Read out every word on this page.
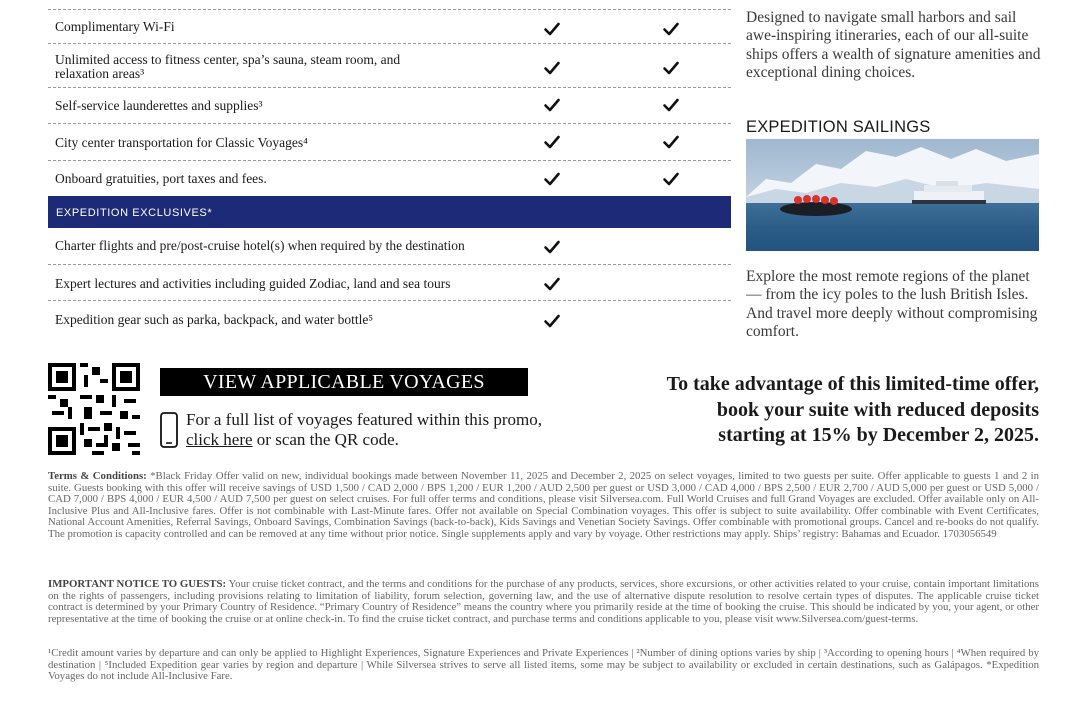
Complimentary Wi-Fi
Unlimited access to fitness center, spa’s sauna, steam room, and relaxation areas³
Self-service launderettes and supplies³
City center transportation for Classic Voyages⁴
Onboard gratuities, port taxes and fees.
EXPEDITION EXCLUSIVES*
Charter flights and pre/post-cruise hotel(s) when required by the destination
Expert lectures and activities including guided Zodiac, land and sea tours
Expedition gear such as parka, backpack, and water bottle⁵
Designed to navigate small harbors and sail awe-inspiring itineraries, each of our all-suite ships offers a wealth of signature amenities and exceptional dining choices.
EXPEDITION SAILINGS
Explore the most remote regions of the planet — from the icy poles to the lush British Isles. And travel more deeply without compromising comfort.
VIEW APPLICABLE VOYAGES
For a full list of voyages featured within this promo, click here or scan the QR code.
To take advantage of this limited-time offer,
book your suite with reduced deposits
starting at 15% by December 2, 2025.
Terms & Conditions: *Black Friday Offer valid on new, individual bookings made between November 11, 2025 and December 2, 2025 on select voyages, limited to two guests per suite. Offer applicable to guests 1 and 2 in suite. Guests booking with this offer will receive savings of USD 1,500 / CAD 2,000 / BPS 1,200 / EUR 1,200 / AUD 2,500 per guest or USD 3,000 / CAD 4,000 / BPS 2,500 / EUR 2,700 / AUD 5,000 per guest or USD 5,000 / CAD 7,000 / BPS 4,000 / EUR 4,500 / AUD 7,500 per guest on select cruises. For full offer terms and conditions, please visit Silversea.com. Full World Cruises and full Grand Voyages are excluded. Offer available only on All-Inclusive Plus and All-Inclusive fares. Offer is not combinable with Last-Minute fares. Offer not available on Special Combination voyages. This offer is subject to suite availability. Offer combinable with Event Certificates, National Account Amenities, Referral Savings, Onboard Savings, Combination Savings (back-to-back), Kids Savings and Venetian Society Savings. Offer combinable with promotional groups. Cancel and re-books do not qualify. The promotion is capacity controlled and can be removed at any time without prior notice. Single supplements apply and vary by voyage. Other restrictions may apply. Ships’ registry: Bahamas and Ecuador. 1703056549
IMPORTANT NOTICE TO GUESTS: Your cruise ticket contract, and the terms and conditions for the purchase of any products, services, shore excursions, or other activities related to your cruise, contain important limitations on the rights of passengers, including provisions relating to limitation of liability, forum selection, governing law, and the use of alternative dispute resolution to resolve certain types of disputes. The applicable cruise ticket contract is determined by your Primary Country of Residence. “Primary Country of Residence” means the country where you primarily reside at the time of booking the cruise. This should be indicated by you, your agent, or other representative at the time of booking the cruise or at online check-in. To find the cruise ticket contract, and purchase terms and conditions applicable to you, please visit www.Silversea.com/guest-terms.
¹Credit amount varies by departure and can only be applied to Highlight Experiences, Signature Experiences and Private Experiences | ²Number of dining options varies by ship | ³According to opening hours | ⁴When required by destination | ⁵Included Expedition gear varies by region and departure | While Silversea strives to serve all listed items, some may be subject to availability or excluded in certain destinations, such as Galápagos. *Expedition Voyages do not include All-Inclusive Fare.
